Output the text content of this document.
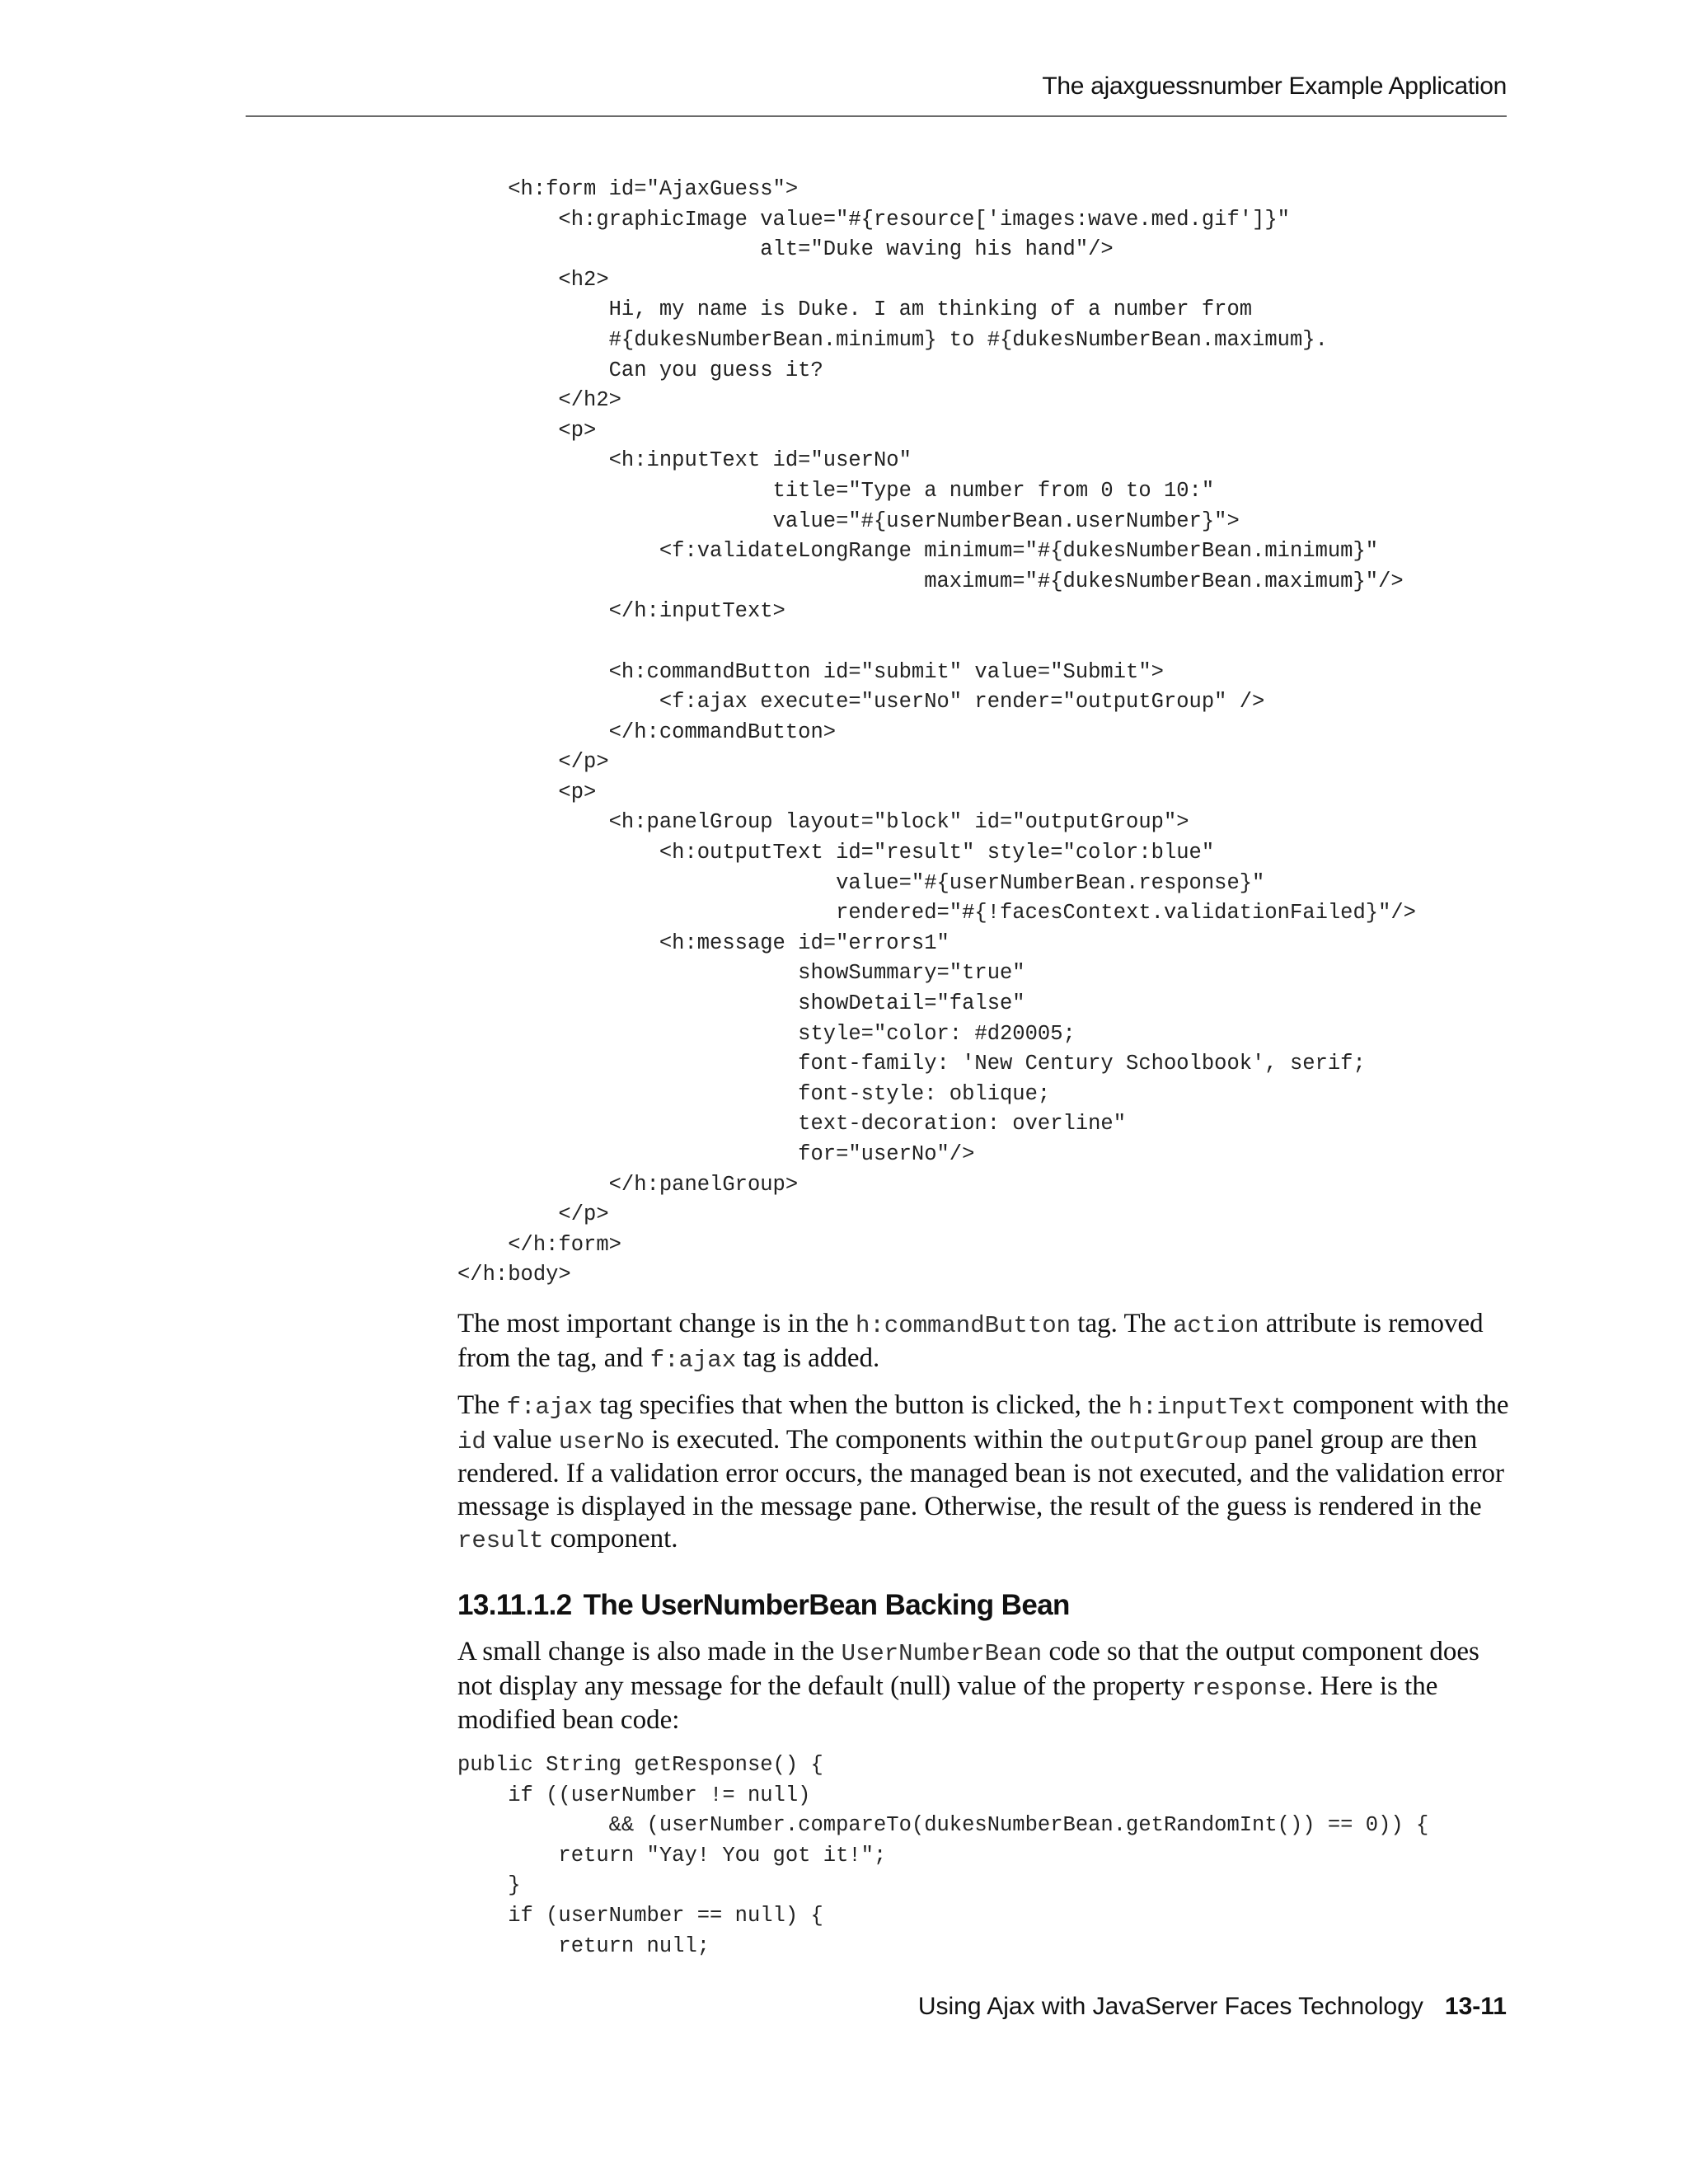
The ajaxguessnumber Example Application
<h:form id="AjaxGuess">
<h:graphicImage value="#{resource['images:wave.med.gif']}"
alt="Duke waving his hand"/>
<h2>
Hi, my name is Duke. I am thinking of a number from
#{dukesNumberBean.minimum} to #{dukesNumberBean.maximum}.
Can you guess it?
</h2>
<p>
<h:inputText id="userNo"
title="Type a number from 0 to 10:"
value="#{userNumberBean.userNumber}">
<f:validateLongRange minimum="#{dukesNumberBean.minimum}"
maximum="#{dukesNumberBean.maximum}"/>
</h:inputText>

<h:commandButton id="submit" value="Submit">
<f:ajax execute="userNo" render="outputGroup" />
</h:commandButton>
</p>
<p>
<h:panelGroup layout="block" id="outputGroup">
<h:outputText id="result" style="color:blue"
value="#{userNumberBean.response}"
rendered="#{!facesContext.validationFailed}"/>
<h:message id="errors1"
showSummary="true"
showDetail="false"
style="color: #d20005;
font-family: 'New Century Schoolbook', serif;
font-style: oblique;
text-decoration: overline"
for="userNo"/>
</h:panelGroup>
</p>
</h:form>
</h:body>

The most important change is in the h:commandButton tag. The action attribute is removed from the tag, and f:ajax tag is added.

The f:ajax tag specifies that when the button is clicked, the h:inputText component with the id value userNo is executed. The components within the outputGroup panel group are then rendered. If a validation error occurs, the managed bean is not executed, and the validation error message is displayed in the message pane. Otherwise, the result of the guess is rendered in the result component.

13.11.1.2 The UserNumberBean Backing Bean

A small change is also made in the UserNumberBean code so that the output component does not display any message for the default (null) value of the property response. Here is the modified bean code:

public String getResponse() {
if ((userNumber != null)
&& (userNumber.compareTo(dukesNumberBean.getRandomInt()) == 0)) {
return "Yay! You got it!";
}
if (userNumber == null) {
return null;
Using Ajax with JavaServer Faces Technology 13-11
